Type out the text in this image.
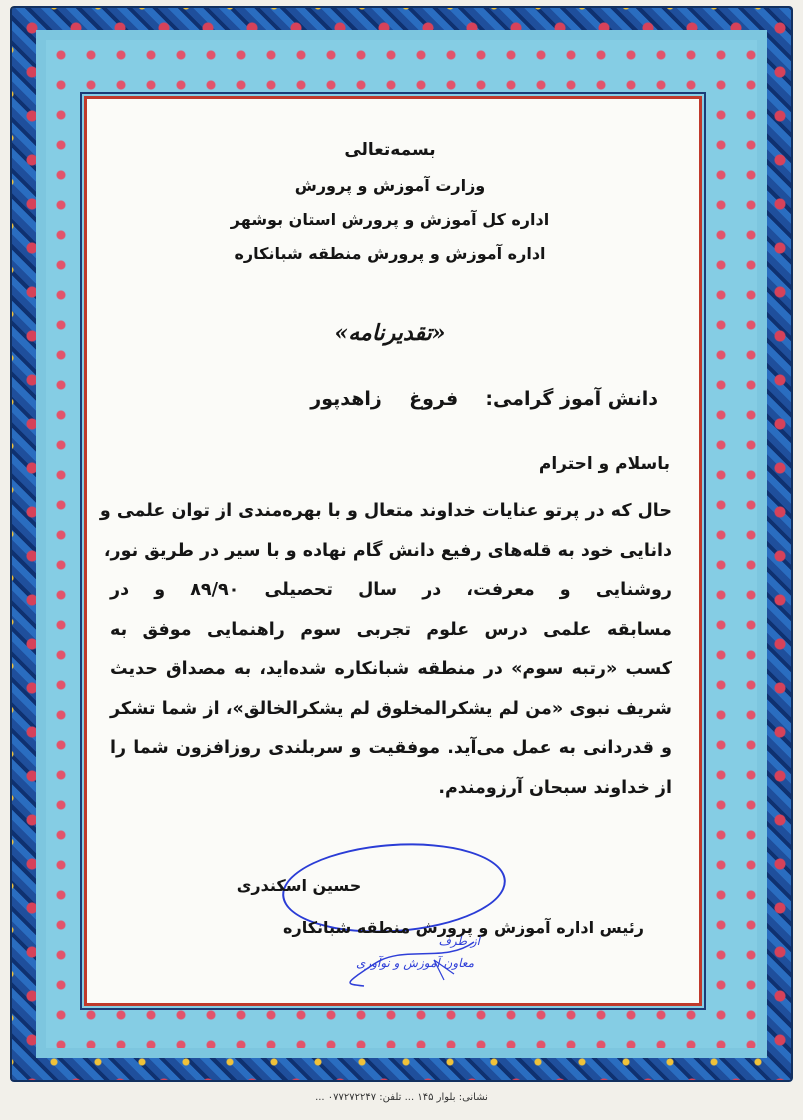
بسمه‌تعالی
وزارت آموزش و پرورش
اداره کل آموزش و پرورش استان بوشهر
اداره آموزش و پرورش منطقه شبانکاره
«تقدیرنامه»
دانش آموز گرامی:  فروغ  زاهدپور
باسلام و احترام

حال که در پرتو عنایات خداوند متعال و با بهره‌مندی از توان علمی و

دانایی خود به قله‌های رفیع دانش گام نهاده و با سیر در طریق نور،

روشنایی و معرفت، در سال تحصیلی ۸۹/۹۰ و در

مسابقه علمی درس علوم تجربی سوم راهنمایی موفق به

کسب «رتبه سوم» در منطقه شبانکاره شده‌اید، به مصداق حدیث

شریف نبوی «من لم یشکرالمخلوق لم یشکرالخالق»، از شما تشکر

و قدردانی به عمل می‌آید. موفقیت و سربلندی روزافزون شما را

از خداوند سبحان آرزومندم.

حسین اسکندری
رئیس اداره آموزش و پرورش منطقه شبانکاره
از طرف
معاون آموزش و نوآوری
نشانی: بلوار ۱۴۵ ... تلفن: ۰۷۷۲۷۲۲۴۷ ...
